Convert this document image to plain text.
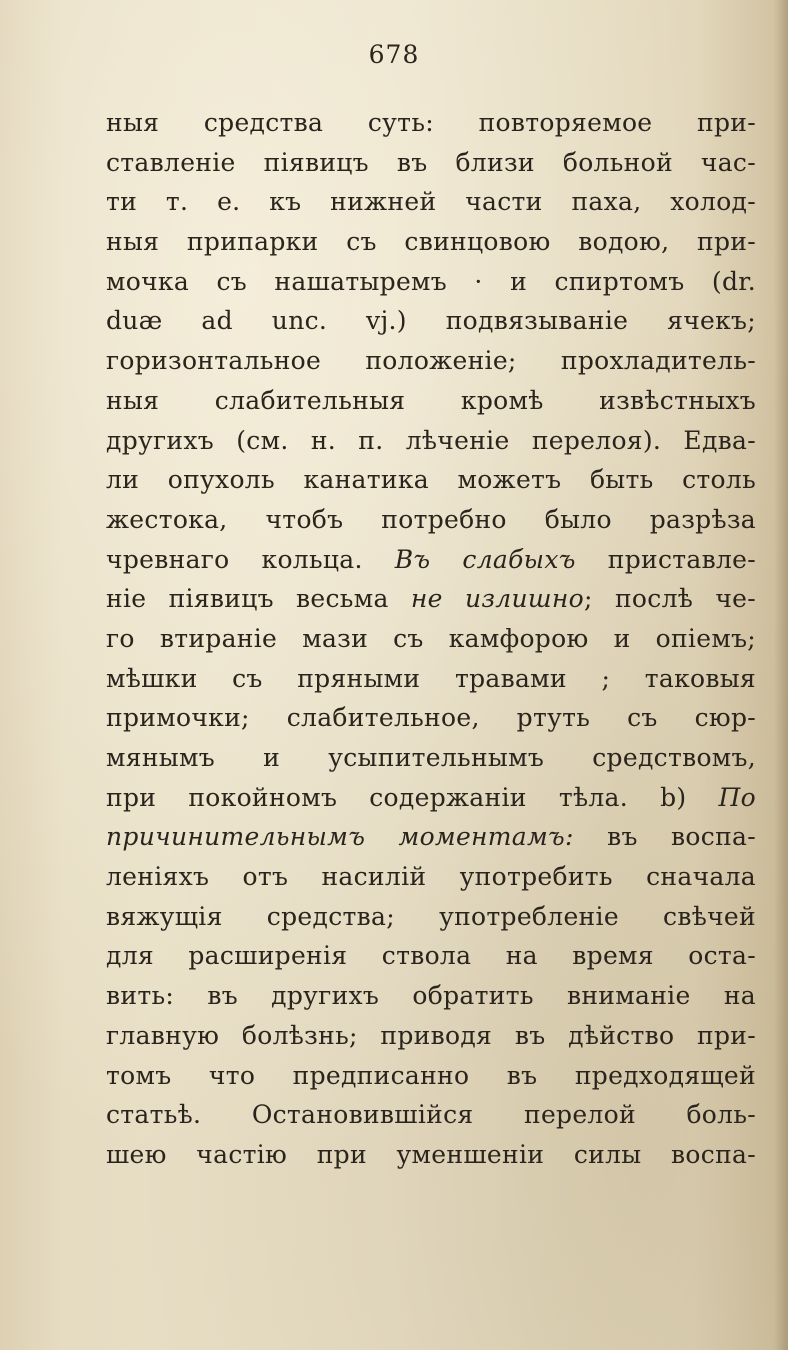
678
ныя средства суть: повторяемое при-
ставленіе піявицъ въ близи больной час-
ти т. е. къ нижней части паха, холод-
ныя припарки съ свинцовою водою, при-
мочка съ нашатыремъ · и спиртомъ (dr.
duæ ad unc. vj.) подвязываніе ячекъ;
горизонтальное положеніе; прохладитель-
ныя слабительныя кромѣ извѣстныхъ
другихъ (см. н. п. лѣченіе перелоя). Едва-
ли опухоль канатика можетъ быть столь
жестока, чтобъ потребно было разрѣза
чревнаго кольца. Въ слабыхъ приставле-
ніе піявицъ весьма не излишно; послѣ че-
го втираніе мази съ камфорою и опіемъ;
мѣшки съ пряными травами ; таковыя
примочки; слабительное, ртуть съ сюр-
мянымъ и усыпительнымъ средствомъ,
при покойномъ содержаніи тѣла. b) По
причинительнымъ моментамъ: въ воспа-
леніяхъ отъ насилій употребить сначала
вяжущія средства; употребленіе свѣчей
для расширенія ствола на время оста-
вить: въ другихъ обратить вниманіе на
главную болѣзнь; приводя въ дѣйство при-
томъ что предписанно въ предходящей
статьѣ. Остановившійся перелой боль-
шею частію при уменшеніи силы воспа-
